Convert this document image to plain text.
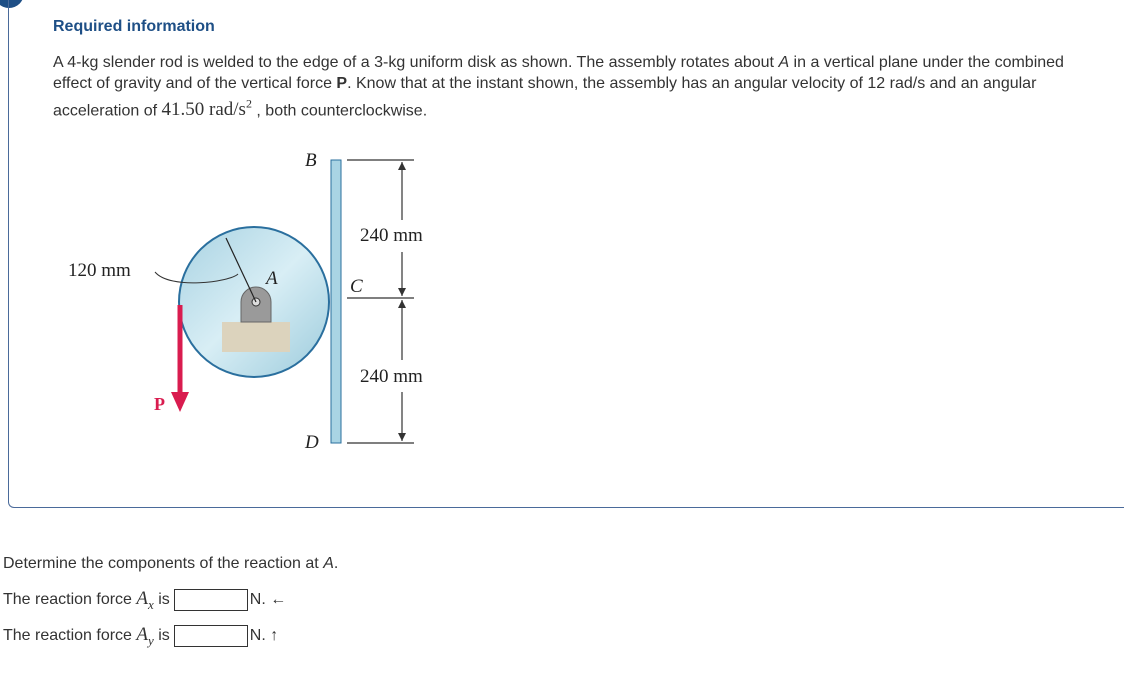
Required information
A 4-kg slender rod is welded to the edge of a 3-kg uniform disk as shown. The assembly rotates about A in a vertical plane under the combined effect of gravity and of the vertical force P. Know that at the instant shown, the assembly has an angular velocity of 12 rad/s and an angular acceleration of 41.50 rad/$s^2$ , both counterclockwise.
B
C
D
A
P
120 mm
240 mm
240 mm
Determine the components of the reaction at A.
The reaction force $A_x$ is	N. ←
The reaction force $A_y$ is	N. ↑
